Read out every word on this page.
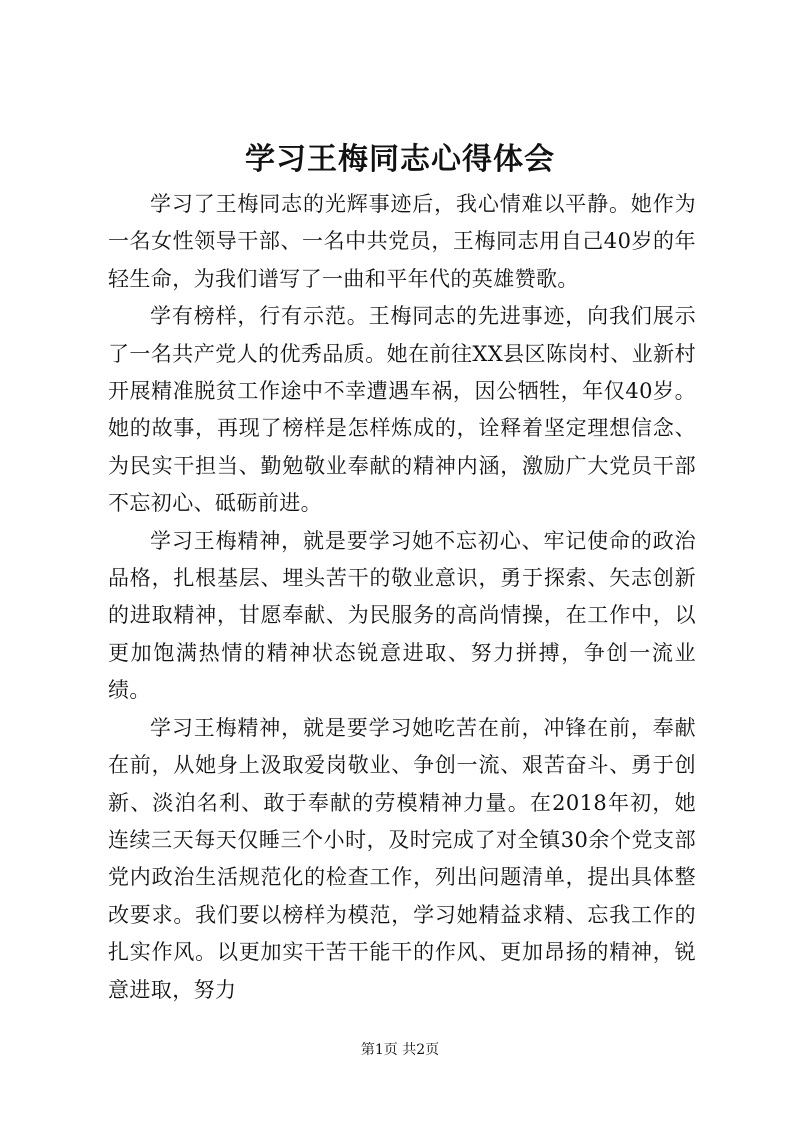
学习王梅同志心得体会

学习了王梅同志的光辉事迹后，我心情难以平静。她作为一名女性领导干部、一名中共党员，王梅同志用自己40岁的年轻生命，为我们谱写了一曲和平年代的英雄赞歌。

学有榜样，行有示范。王梅同志的先进事迹，向我们展示了一名共产党人的优秀品质。她在前往XX县区陈岗村、业新村开展精准脱贫工作途中不幸遭遇车祸，因公牺牲，年仅40岁。她的故事，再现了榜样是怎样炼成的，诠释着坚定理想信念、为民实干担当、勤勉敬业奉献的精神内涵，激励广大党员干部不忘初心、砥砺前进。

学习王梅精神，就是要学习她不忘初心、牢记使命的政治品格，扎根基层、埋头苦干的敬业意识，勇于探索、矢志创新的进取精神，甘愿奉献、为民服务的高尚情操，在工作中，以更加饱满热情的精神状态锐意进取、努力拼搏，争创一流业绩。

学习王梅精神，就是要学习她吃苦在前，冲锋在前，奉献在前，从她身上汲取爱岗敬业、争创一流、艰苦奋斗、勇于创新、淡泊名利、敢于奉献的劳模精神力量。在2018年初，她连续三天每天仅睡三个小时，及时完成了对全镇30余个党支部党内政治生活规范化的检查工作，列出问题清单，提出具体整改要求。我们要以榜样为模范，学习她精益求精、忘我工作的扎实作风。以更加实干苦干能干的作风、更加昂扬的精神，锐意进取，努力

第1页 共2页
